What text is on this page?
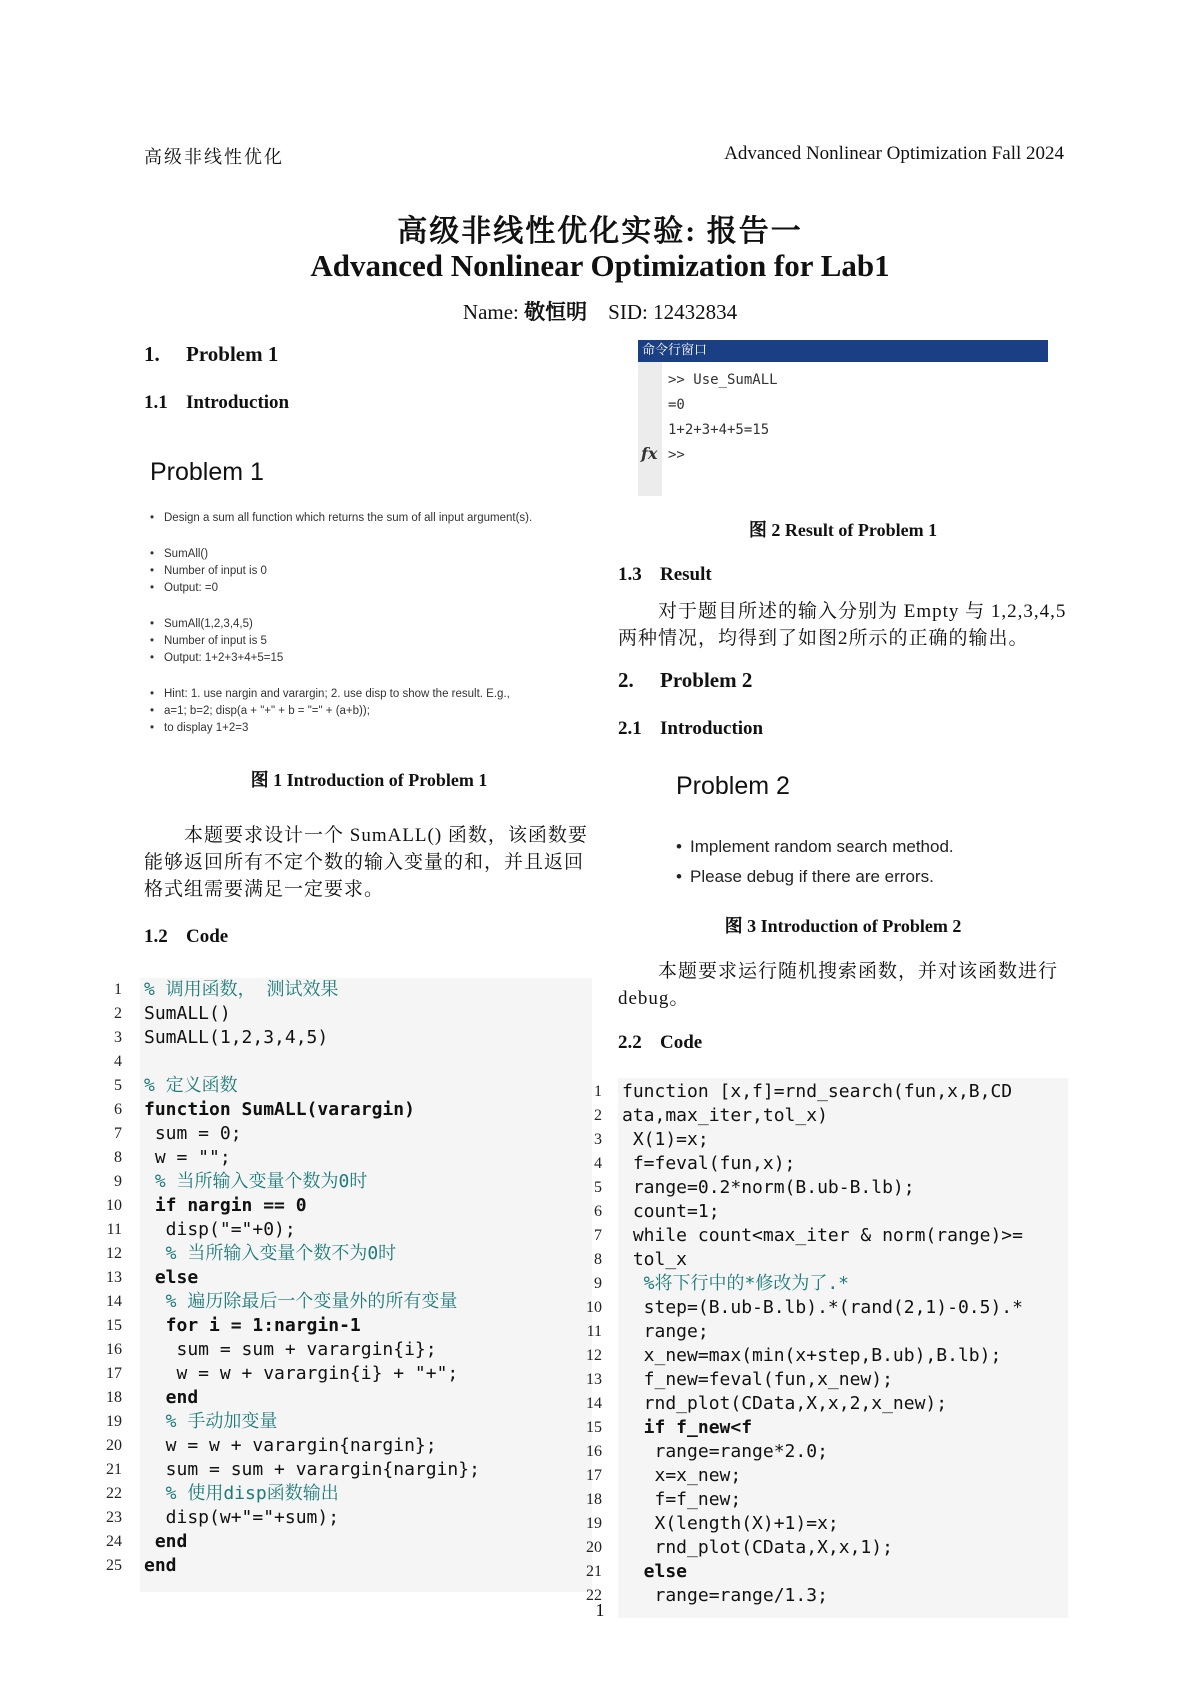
高级非线性优化	Advanced Nonlinear Optimization Fall 2024
高级非线性优化实验: 报告一
Advanced Nonlinear Optimization for Lab1
Name: 敬恒明 SID: 12432834
1. Problem 1
1.1 Introduction
Problem 1
• Design a sum all function which returns the sum of all input argument(s).
• SumAll()
• Number of input is 0
• Output: =0
• SumAll(1,2,3,4,5)
• Number of input is 5
• Output: 1+2+3+4+5=15
• Hint: 1. use nargin and varargin; 2. use disp to show the result. E.g.,
• a=1; b=2; disp(a + "+" + b = "=" + (a+b));
• to display 1+2=3
图 1 Introduction of Problem 1
本题要求设计一个 SumALL() 函数，该函数要能够返回所有不定个数的输入变量的和，并且返回格式组需要满足一定要求。
1.2 Code
1
2
3
4
5
6
7
8
9
10
11
12
13
14
15
16
17
18
19
20
21
22
23
24
25
% 调用函数， 测试效果
SumALL()
SumALL(1,2,3,4,5)
% 定义函数
function SumALL(varargin)
sum = 0;
w = "";
% 当所输入变量个数为0时
if nargin == 0
disp("="+0);
% 当所输入变量个数不为0时
else
% 遍历除最后一个变量外的所有变量
for i = 1:nargin-1
sum = sum + varargin{i};
w = w + varargin{i} + "+";
end
% 手动加变量
w = w + varargin{nargin};
sum = sum + varargin{nargin};
% 使用disp函数输出
disp(w+"="+sum);
end
end
命令行窗口
>> Use_SumALL
=0
1+2+3+4+5=15
>>
fx
图 2 Result of Problem 1
1.3 Result
对于题目所述的输入分别为 Empty 与 1,2,3,4,5 两种情况，均得到了如图2所示的正确的输出。
2. Problem 2
2.1 Introduction
Problem 2
• Implement random search method.
• Please debug if there are errors.
图 3 Introduction of Problem 2
本题要求运行随机搜索函数，并对该函数进行 debug。
2.2 Code
1
2
3
4
5
6
7
8
9
10
11
12
13
14
15
16
17
18
19
20
21
22
function [x,f]=rnd_search(fun,x,B,CD
ata,max_iter,tol_x)
X(1)=x;
f=feval(fun,x);
range=0.2*norm(B.ub-B.lb);
count=1;
while count<max_iter & norm(range)>=
tol_x
%将下行中的*修改为了.*
step=(B.ub-B.lb).*(rand(2,1)-0.5).*
range;
x_new=max(min(x+step,B.ub),B.lb);
f_new=feval(fun,x_new);
rnd_plot(CData,X,x,2,x_new);
if f_new<f
range=range*2.0;
x=x_new;
f=f_new;
X(length(X)+1)=x;
rnd_plot(CData,X,x,1);
else
range=range/1.3;
1
